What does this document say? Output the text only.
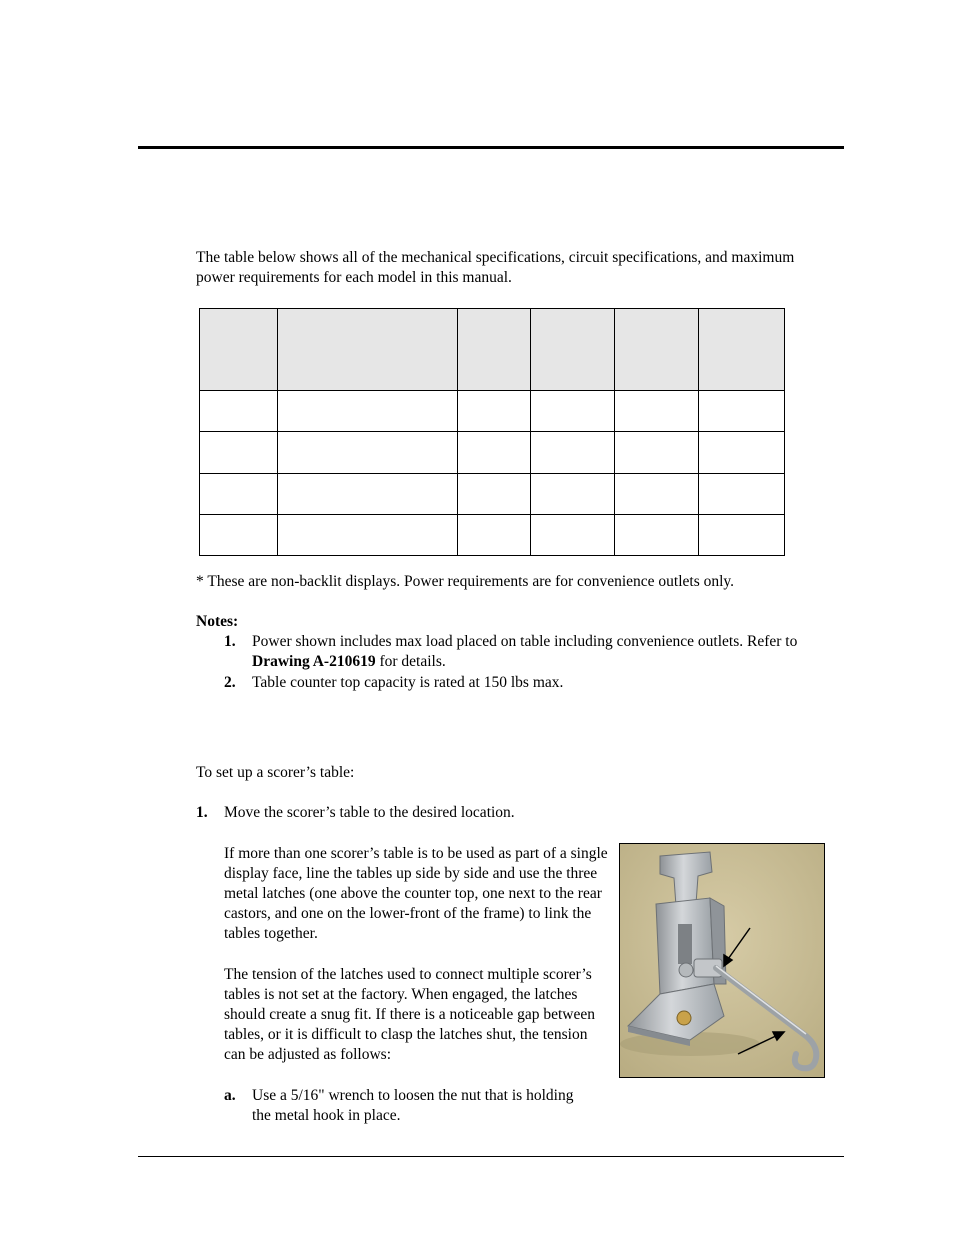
The table below shows all of the mechanical specifications, circuit specifications, and maximum power requirements for each model in this manual.

* These are non-backlit displays. Power requirements are for convenience outlets only.

Notes:

1. Power shown includes max load placed on table including convenience outlets. Refer to Drawing A-210619 for details.

2. Table counter top capacity is rated at 150 lbs max.

To set up a scorer’s table:

1. Move the scorer’s table to the desired location.

If more than one scorer’s table is to be used as part of a single display face, line the tables up side by side and use the three metal latches (one above the counter top, one next to the rear castors, and one on the lower-front of the frame) to link the tables together.

The tension of the latches used to connect multiple scorer’s tables is not set at the factory. When engaged, the latches should create a snug fit. If there is a noticeable gap between tables, or it is difficult to clasp the latches shut, the tension can be adjusted as follows:

a. Use a 5/16" wrench to loosen the nut that is holding the metal hook in place.
